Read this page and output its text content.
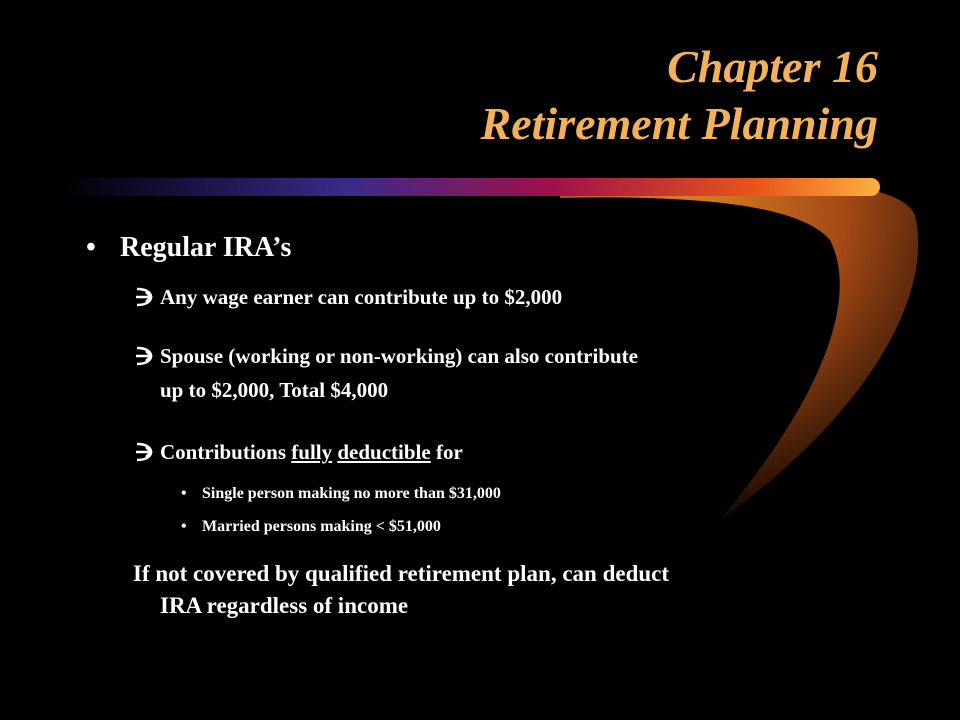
Chapter 16
Retirement Planning
• Regular IRA’s
Any wage earner can contribute up to $2,000
Spouse (working or non-working) can also contribute
up to $2,000, Total $4,000
Contributions fully deductible for
• Single person making no more than $31,000
• Married persons making < $51,000
If not covered by qualified retirement plan, can deduct
IRA regardless of income
